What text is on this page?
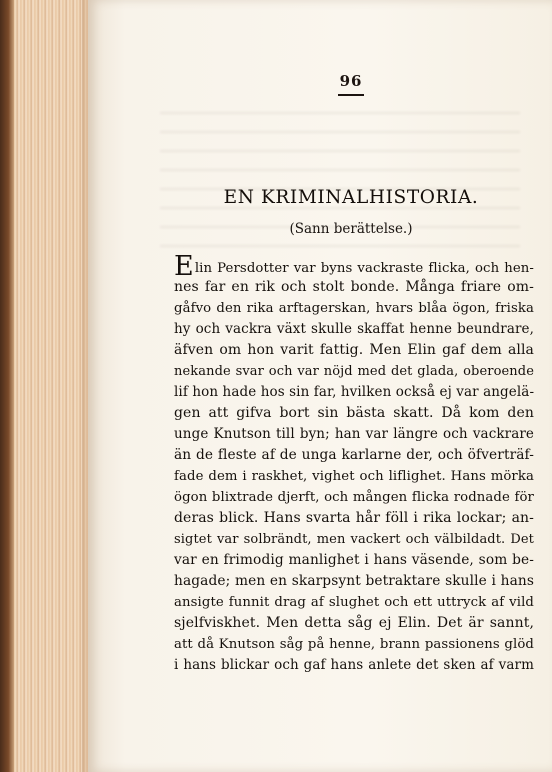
96
EN KRIMINALHISTORIA.
(Sann berättelse.)
Elin Persdotter var byns vackraste flicka, och hen-
nes far en rik och stolt bonde. Många friare om-
gåfvo den rika arftagerskan, hvars blåa ögon, friska
hy och vackra växt skulle skaffat henne beundrare,
äfven om hon varit fattig. Men Elin gaf dem alla
nekande svar och var nöjd med det glada, oberoende
lif hon hade hos sin far, hvilken också ej var angelä-
gen att gifva bort sin bästa skatt. Då kom den
unge Knutson till byn; han var längre och vackrare
än de fleste af de unga karlarne der, och öfverträf-
fade dem i raskhet, vighet och liflighet. Hans mörka
ögon blixtrade djerft, och mången flicka rodnade för
deras blick. Hans svarta hår föll i rika lockar; an-
sigtet var solbrändt, men vackert och välbildadt. Det
var en frimodig manlighet i hans väsende, som be-
hagade; men en skarpsynt betraktare skulle i hans
ansigte funnit drag af slughet och ett uttryck af vild
sjelfviskhet. Men detta såg ej Elin. Det är sannt,
att då Knutson såg på henne, brann passionens glöd
i hans blickar och gaf hans anlete det sken af varm
